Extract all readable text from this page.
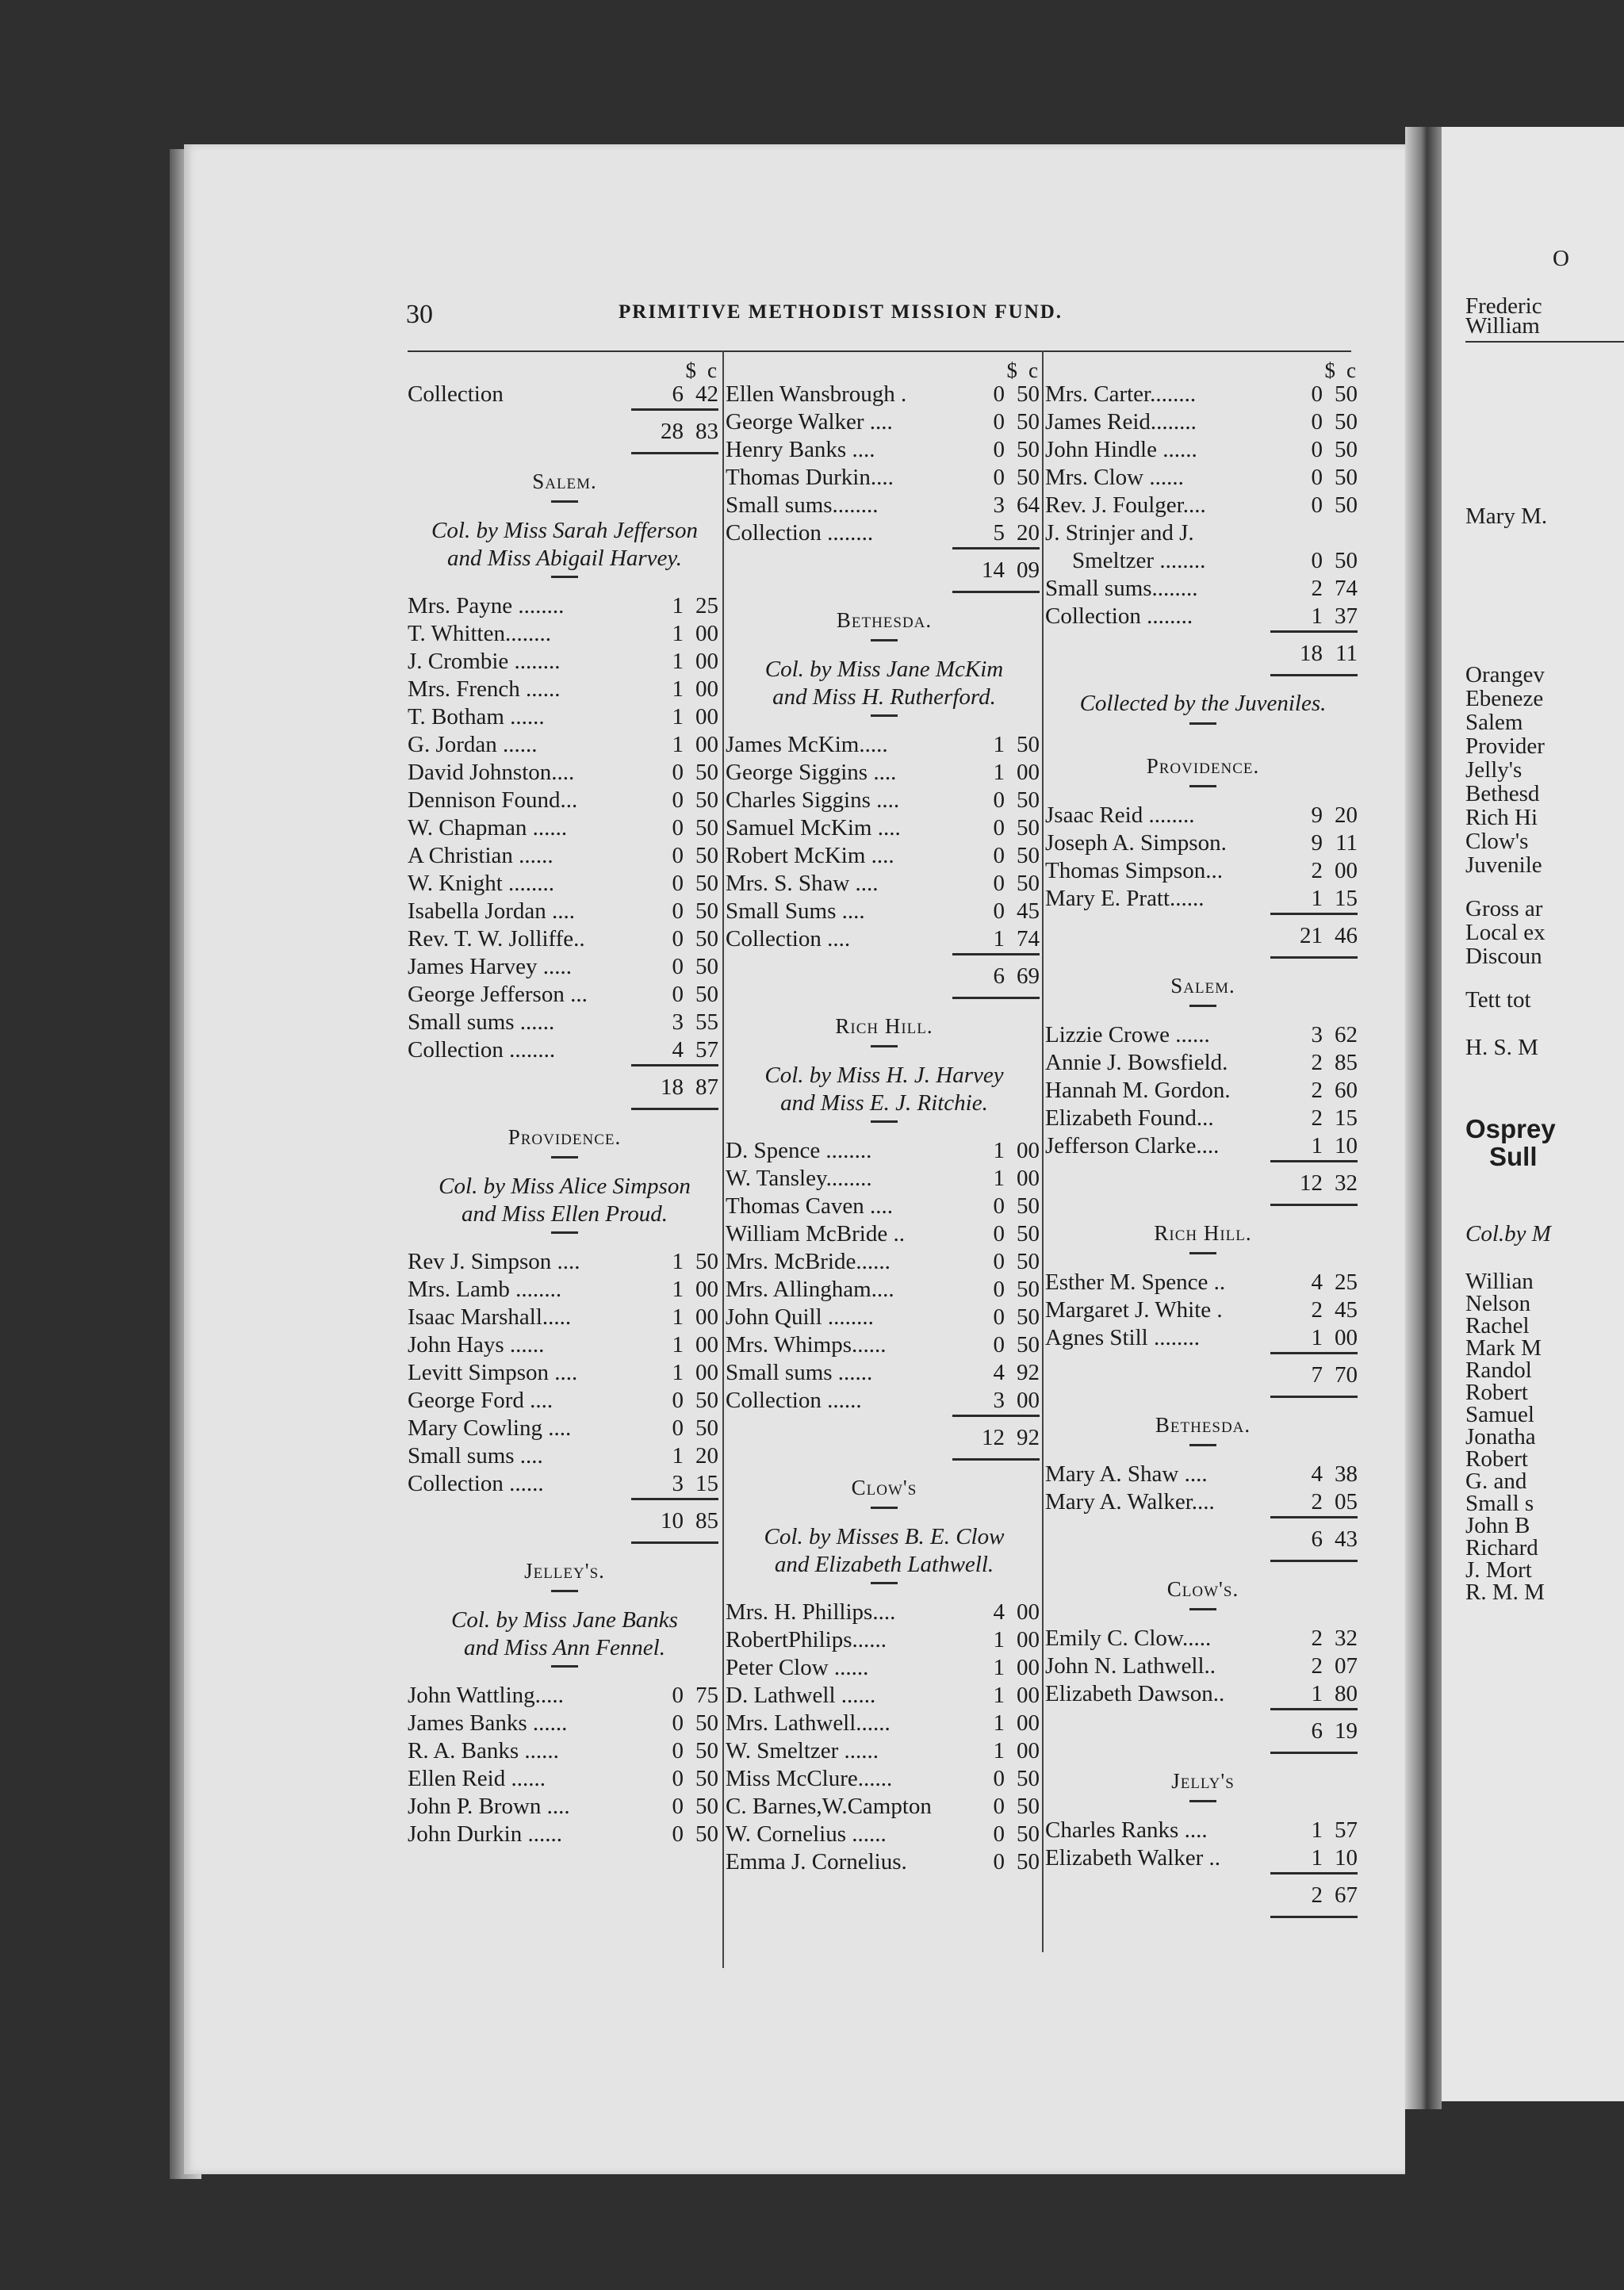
O
Frederic
William
Mary M.
Orangev
Ebeneze
Salem
Provider
Jelly's
Bethesd
Rich Hi
Clow's
Juvenile
Gross ar
Local ex
Discoun
Tett tot
H. S. M
Osprey
Sull
Col.by M
Willian
Nelson
Rachel
Mark M
Randol
Robert
Samuel
Jonatha
Robert
G. and
Small s
John B
Richard
J. Mort
R. M. M
30	PRIMITIVE METHODIST MISSION FUND.
$ c
Collection	6 42
28 83
Salem.
Col. by Miss Sarah Jefferson
and Miss Abigail Harvey.
Mrs. Payne ........	1 25
T. Whitten........	1 00
J. Crombie ........	1 00
Mrs. French ......	1 00
T. Botham ......	1 00
G. Jordan ......	1 00
David Johnston....	0 50
Dennison Found...	0 50
W. Chapman ......	0 50
A Christian ......	0 50
W. Knight ........	0 50
Isabella Jordan ....	0 50
Rev. T. W. Jolliffe..	0 50
James Harvey .....	0 50
George Jefferson ...	0 50
Small sums ......	3 55
Collection ........	4 57
18 87
Providence.
Col. by Miss Alice Simpson
and Miss Ellen Proud.
Rev J. Simpson ....	1 50
Mrs. Lamb ........	1 00
Isaac Marshall.....	1 00
John Hays ......	1 00
Levitt Simpson ....	1 00
George Ford ....	0 50
Mary Cowling ....	0 50
Small sums ....	1 20
Collection ......	3 15
10 85
Jelley's.
Col. by Miss Jane Banks
and Miss Ann Fennel.
John Wattling.....	0 75
James Banks ......	0 50
R. A. Banks ......	0 50
Ellen Reid ......	0 50
John P. Brown ....	0 50
John Durkin ......	0 50
$ c
Ellen Wansbrough .	0 50
George Walker ....	0 50
Henry Banks ....	0 50
Thomas Durkin....	0 50
Small sums........	3 64
Collection ........	5 20
14 09
Bethesda.
Col. by Miss Jane McKim
and Miss H. Rutherford.
James McKim.....	1 50
George Siggins ....	1 00
Charles Siggins ....	0 50
Samuel McKim ....	0 50
Robert McKim ....	0 50
Mrs. S. Shaw ....	0 50
Small Sums ....	0 45
Collection ....	1 74
6 69
Rich Hill.
Col. by Miss H. J. Harvey
and Miss E. J. Ritchie.
D. Spence ........	1 00
W. Tansley........	1 00
Thomas Caven ....	0 50
William McBride ..	0 50
Mrs. McBride......	0 50
Mrs. Allingham....	0 50
John Quill ........	0 50
Mrs. Whimps......	0 50
Small sums ......	4 92
Collection ......	3 00
12 92
Clow's
Col. by Misses B. E. Clow
and Elizabeth Lathwell.
Mrs. H. Phillips....	4 00
RobertPhilips......	1 00
Peter Clow ......	1 00
D. Lathwell ......	1 00
Mrs. Lathwell......	1 00
W. Smeltzer ......	1 00
Miss McClure......	0 50
C. Barnes,W.Campton	0 50
W. Cornelius ......	0 50
Emma J. Cornelius.	0 50
$ c
Mrs. Carter........	0 50
James Reid........	0 50
John Hindle ......	0 50
Mrs. Clow ......	0 50
Rev. J. Foulger....	0 50
J. Strinjer and J.
Smeltzer ........	0 50
Small sums........	2 74
Collection ........	1 37
18 11
Collected by the Juveniles.
Providence.
Jsaac Reid ........	9 20
Joseph A. Simpson.	9 11
Thomas Simpson...	2 00
Mary E. Pratt......	1 15
21 46
Salem.
Lizzie Crowe ......	3 62
Annie J. Bowsfield.	2 85
Hannah M. Gordon.	2 60
Elizabeth Found...	2 15
Jefferson Clarke....	1 10
12 32
Rich Hill.
Esther M. Spence ..	4 25
Margaret J. White .	2 45
Agnes Still ........	1 00
7 70
Bethesda.
Mary A. Shaw ....	4 38
Mary A. Walker....	2 05
6 43
Clow's.
Emily C. Clow.....	2 32
John N. Lathwell..	2 07
Elizabeth Dawson..	1 80
6 19
Jelly's
Charles Ranks ....	1 57
Elizabeth Walker ..	1 10
2 67
